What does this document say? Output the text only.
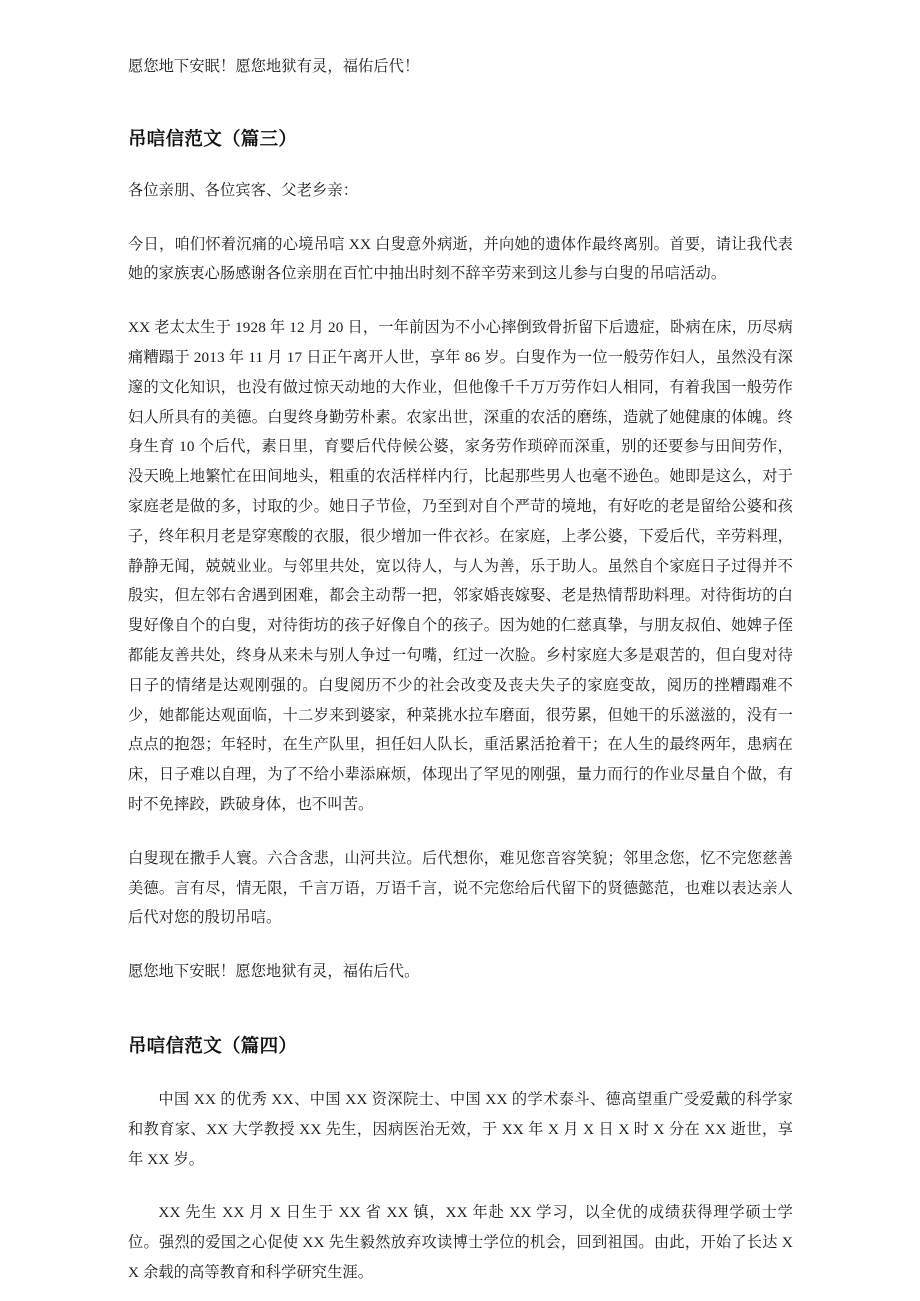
愿您地下安眠！愿您地狱有灵，福佑后代！

吊唁信范文（篇三）

各位亲朋、各位宾客、父老乡亲：

今日，咱们怀着沉痛的心境吊唁 XX 白叟意外病逝，并向她的遗体作最终离别。首要，请让我代表她的家族衷心肠感谢各位亲朋在百忙中抽出时刻不辞辛劳来到这儿参与白叟的吊唁活动。

XX 老太太生于 1928 年 12 月 20 日，一年前因为不小心摔倒致骨折留下后遗症，卧病在床，历尽病痛糟蹋于 2013 年 11 月 17 日正午离开人世，享年 86 岁。白叟作为一位一般劳作妇人，虽然没有深邃的文化知识，也没有做过惊天动地的大作业，但他像千千万万劳作妇人相同，有着我国一般劳作妇人所具有的美德。白叟终身勤劳朴素。农家出世，深重的农活的磨练，造就了她健康的体魄。终身生育 10 个后代，素日里，育婴后代侍候公婆，家务劳作琐碎而深重，别的还要参与田间劳作，没天晚上地繁忙在田间地头，粗重的农活样样内行，比起那些男人也毫不逊色。她即是这么，对于家庭老是做的多，讨取的少。她日子节俭，乃至到对自个严苛的境地，有好吃的老是留给公婆和孩子，终年积月老是穿寒酸的衣服，很少增加一件衣衫。在家庭，上孝公婆，下爱后代，辛劳料理，静静无闻，兢兢业业。与邻里共处，宽以待人，与人为善，乐于助人。虽然自个家庭日子过得并不殷实，但左邻右舍遇到困难，都会主动帮一把，邻家婚丧嫁娶、老是热情帮助料理。对待街坊的白叟好像自个的白叟，对待街坊的孩子好像自个的孩子。因为她的仁慈真挚，与朋友叔伯、她婢子侄都能友善共处，终身从来未与别人争过一句嘴，红过一次脸。乡村家庭大多是艰苦的，但白叟对待日子的情绪是达观刚强的。白叟阅历不少的社会改变及丧夫失子的家庭变故，阅历的挫糟蹋难不少，她都能达观面临，十二岁来到婆家，种菜挑水拉车磨面，很劳累，但她干的乐滋滋的，没有一点点的抱怨；年轻时，在生产队里，担任妇人队长，重活累活抢着干；在人生的最终两年，患病在床，日子难以自理，为了不给小辈添麻烦，体现出了罕见的刚强，量力而行的作业尽量自个做，有时不免摔跤，跌破身体，也不叫苦。

白叟现在撒手人寰。六合含悲，山河共泣。后代想你，难见您音容笑貌；邻里念您，忆不完您慈善美德。言有尽，情无限，千言万语，万语千言，说不完您给后代留下的贤德懿范，也难以表达亲人后代对您的殷切吊唁。

愿您地下安眠！愿您地狱有灵，福佑后代。

吊唁信范文（篇四）

中国 XX 的优秀 XX、中国 XX 资深院士、中国 XX 的学术泰斗、德高望重广受爱戴的科学家和教育家、XX 大学教授 XX 先生，因病医治无效，于 XX 年 X 月 X 日 X 时 X 分在 XX 逝世，享年 XX 岁。

XX 先生 XX 月 X 日生于 XX 省 XX 镇，XX 年赴 XX 学习，以全优的成绩获得理学硕士学位。强烈的爱国之心促使 XX 先生毅然放弃攻读博士学位的机会，回到祖国。由此，开始了长达 XX 余载的高等教育和科学研究生涯。
